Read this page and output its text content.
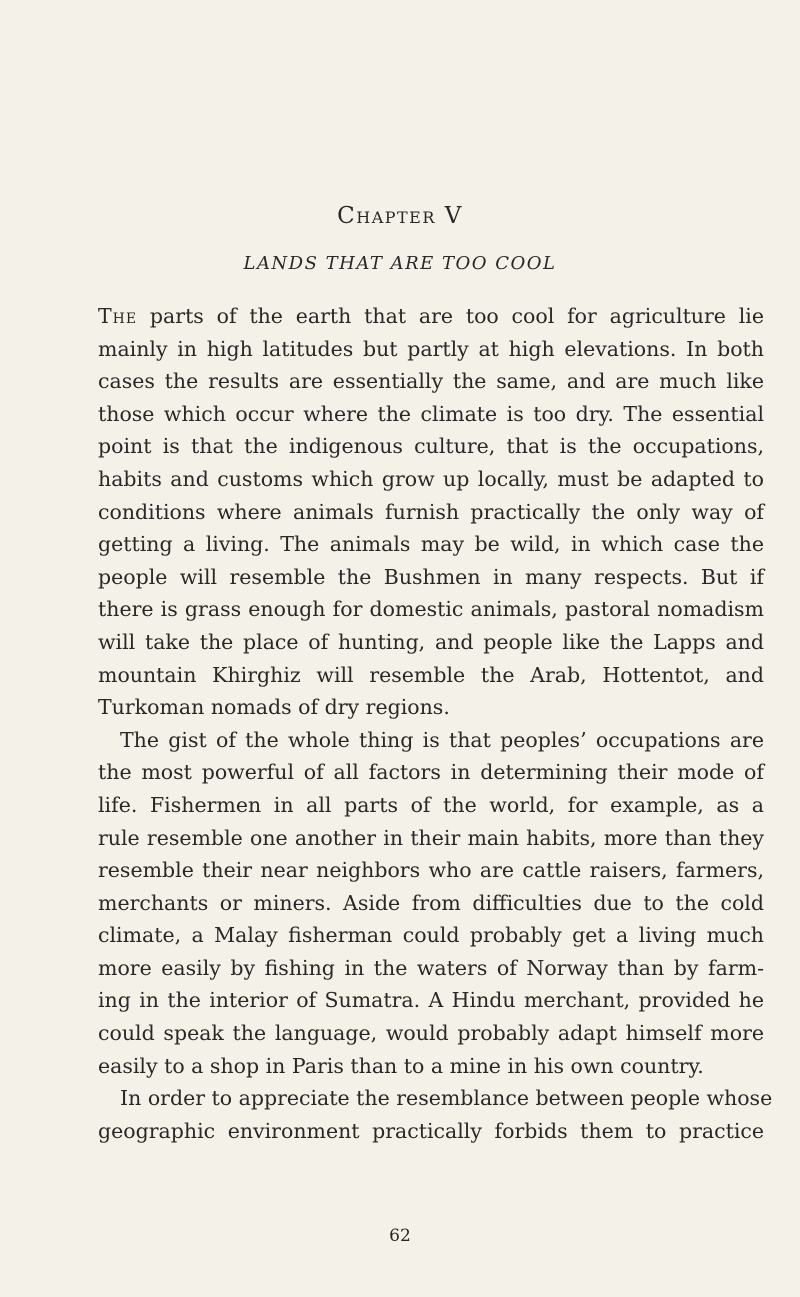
Chapter V
LANDS THAT ARE TOO COOL
The parts of the earth that are too cool for agriculture lie
mainly in high latitudes but partly at high elevations. In both
cases the results are essentially the same, and are much like
those which occur where the climate is too dry. The essential
point is that the indigenous culture, that is the occupations,
habits and customs which grow up locally, must be adapted to
conditions where animals furnish practically the only way of
getting a living. The animals may be wild, in which case the
people will resemble the Bushmen in many respects. But if
there is grass enough for domestic animals, pastoral nomadism
will take the place of hunting, and people like the Lapps and
mountain Khirghiz will resemble the Arab, Hottentot, and
Turkoman nomads of dry regions.
The gist of the whole thing is that peoples’ occupations are
the most powerful of all factors in determining their mode of
life. Fishermen in all parts of the world, for example, as a
rule resemble one another in their main habits, more than they
resemble their near neighbors who are cattle raisers, farmers,
merchants or miners. Aside from difficulties due to the cold
climate, a Malay fisherman could probably get a living much
more easily by fishing in the waters of Norway than by farm-
ing in the interior of Sumatra. A Hindu merchant, provided he
could speak the language, would probably adapt himself more
easily to a shop in Paris than to a mine in his own country.
In order to appreciate the resemblance between people whose
geographic environment practically forbids them to practice
62
